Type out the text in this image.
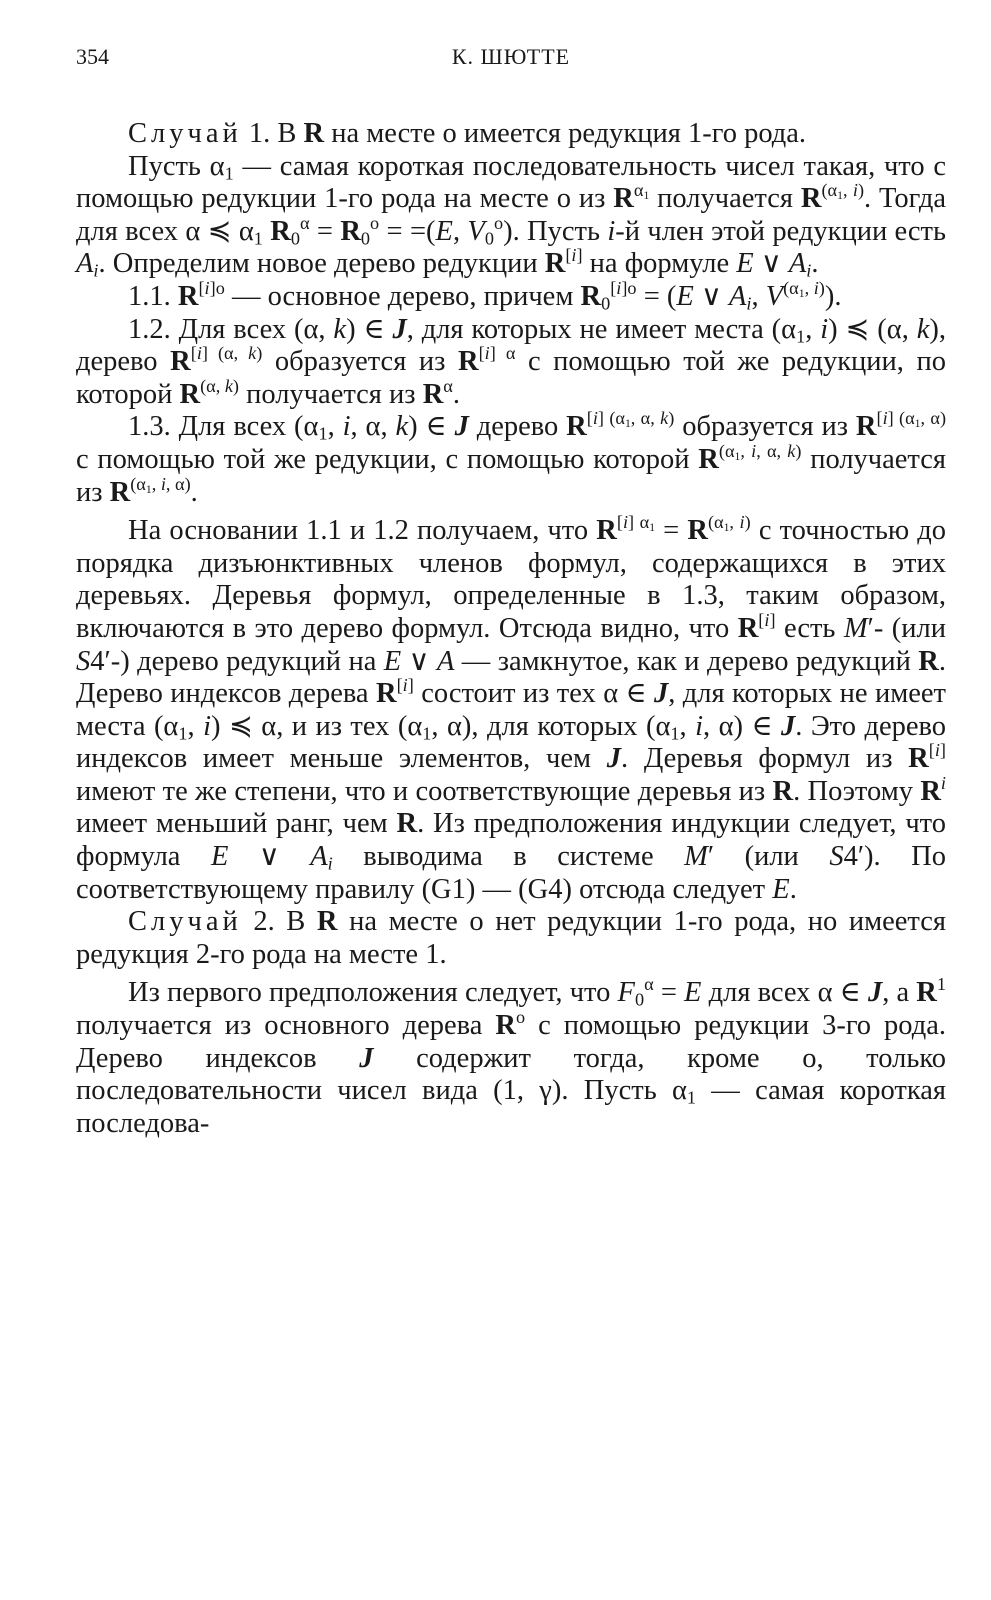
354	К. ШЮТТЕ

Случай 1. В R на месте о имеется редукция 1-го рода.

Пусть $\alpha_1$ — самая короткая последовательность чисел такая, что с помощью редукции 1-го рода на месте о из $R^{\alpha_1}$ получается $R^{(\alpha_1, i)}$. Тогда для всех α ≼ $\alpha_1$ $R_0^\alpha = R_0^о = =(E$, $V_0^о$). Пусть i-й член этой редукции есть $A_i$. Определим новое дерево редукции R[i] на формуле E ∨ $A_i$.

1.1. $R^{[i]о}$ — основное дерево, причем $R_0^{[i]о} = (E$ ∨ $A_i$, $V^{(\alpha_1, i)}$).

1.2. Для всех (α, k) ∈ J, для которых не имеет места ($\alpha_1$, i) ≼ (α, k), дерево $R^{[i] (\alpha, k)}$ образуется из $R^{[i] \alpha}$ с помощью той же редукции, по которой $R^{(\alpha, k)}$ получается из $R^\alpha$.

1.3. Для всех ($\alpha_1$, i, α, k) ∈ J дерево $R^{[i] (\alpha_1, \alpha, k)}$ образуется из $R^{[i] (\alpha_1, \alpha)}$ с помощью той же редукции, с помощью которой $R^{(\alpha_1, i, \alpha, k)}$ получается из $R^{(\alpha_1, i, \alpha)}$.

На основании 1.1 и 1.2 получаем, что $R^{[i] \alpha_1} = R^{(\alpha_1, i)}$ с точностью до порядка дизъюнктивных членов формул, содержащихся в этих деревьях. Деревья формул, определенные в 1.3, таким образом, включаются в это дерево формул. Отсюда видно, что R[i] есть M′- (или S4′-) дерево редукций на E ∨ A — замкнутое, как и дерево редукций R. Дерево индексов дерева R[i] состоит из тех α ∈ J, для которых не имеет места ($\alpha_1$, i) ≼ α, и из тех ($\alpha_1$, α), для которых ($\alpha_1$, i, α) ∈ J. Это дерево индексов имеет меньше элементов, чем J. Деревья формул из R[i] имеют те же степени, что и соответствующие деревья из R. Поэтому $R^i$ имеет меньший ранг, чем R. Из предположения индукции следует, что формула E ∨ $A_i$ выводима в системе M′ (или S4′). По соответствующему правилу (G1) — (G4) отсюда следует E.

Случай 2. В R на месте о нет редукции 1-го рода, но имеется редукция 2-го рода на месте 1.

Из первого предположения следует, что $F_0^\alpha = E$ для всех α ∈ J, а $R^1$ получается из основного дерева $R^о$ с помощью редукции 3-го рода. Дерево индексов J содержит тогда, кроме о, только последовательности чисел вида (1, γ). Пусть $\alpha_1$ — самая короткая последова-
